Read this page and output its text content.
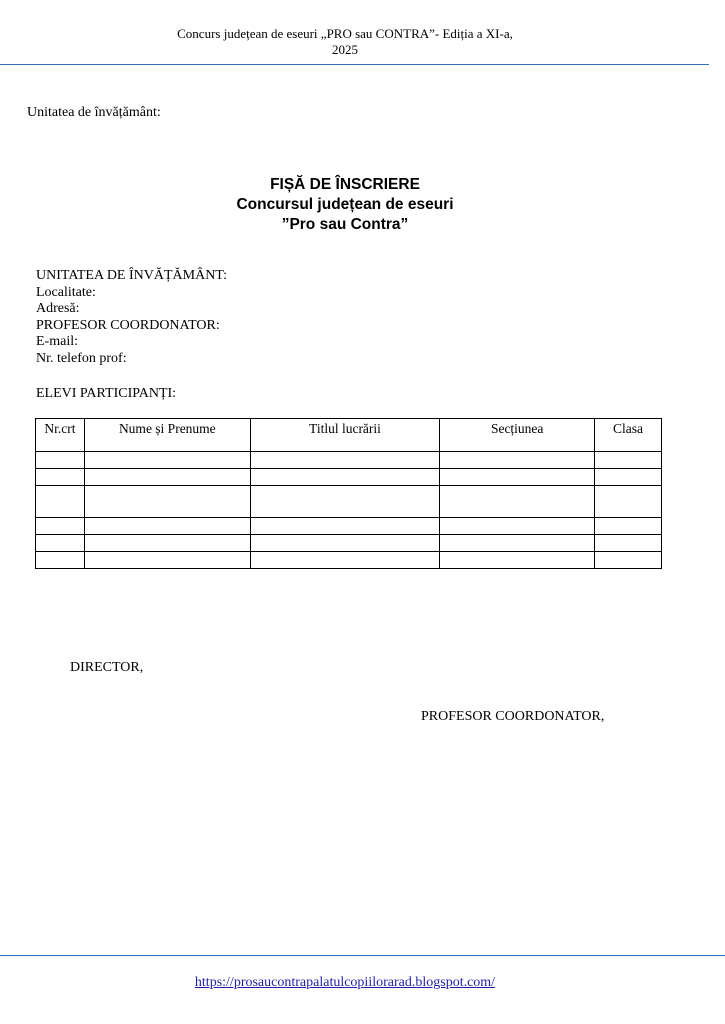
Concurs județean de eseuri „PRO sau CONTRA”- Ediția a XI-a,
2025
Unitatea de învățământ:
FIȘĂ DE ÎNSCRIERE
Concursul județean de eseuri
”Pro sau Contra”
UNITATEA DE ÎNVĂȚĂMÂNT:
Localitate:
Adresă:
PROFESOR COORDONATOR:
E-mail:
Nr. telefon prof:
ELEVI PARTICIPANȚI:
Nr.crt	Nume și Prenume	Titlul lucrării	Secțiunea	Clasa

DIRECTOR,
PROFESOR COORDONATOR,
https://prosaucontrapalatulcopiilorarad.blogspot.com/
